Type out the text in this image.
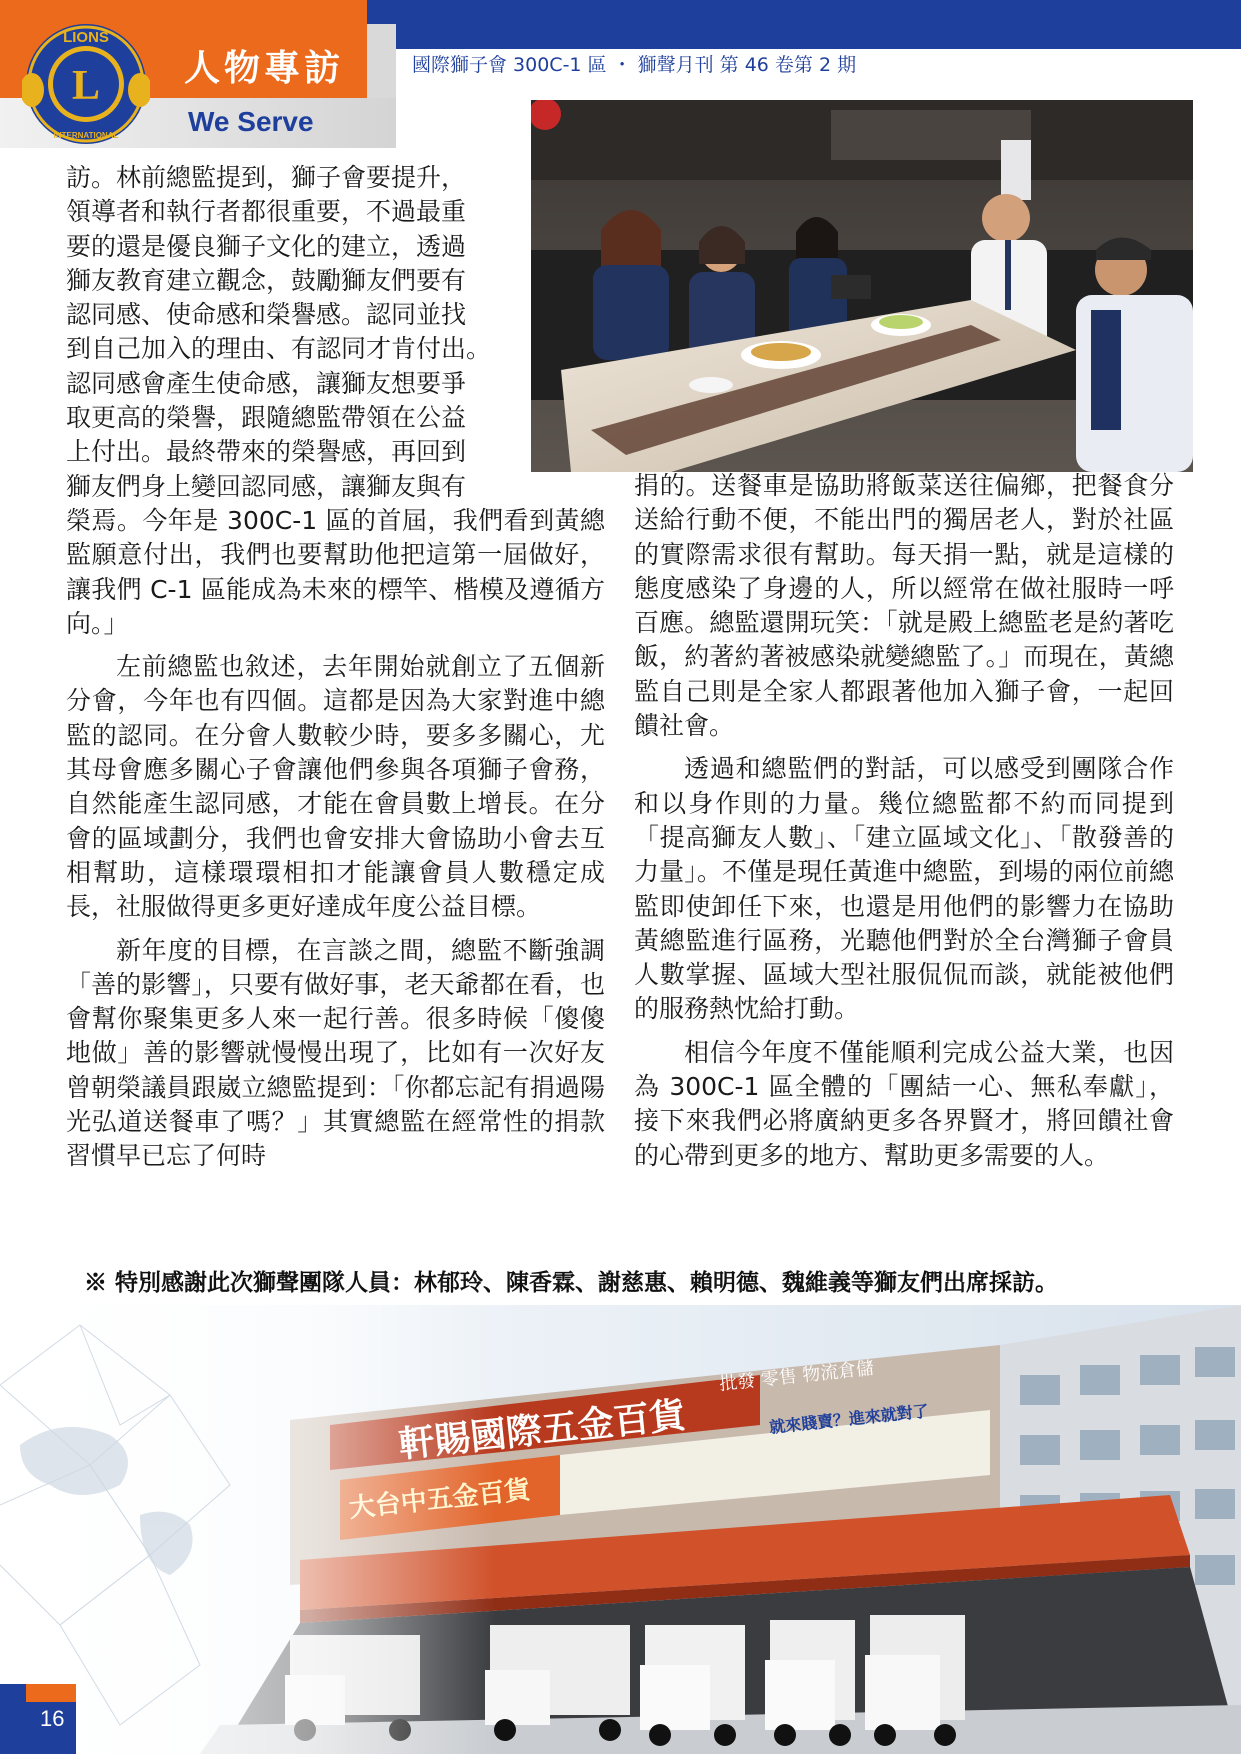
L
LIONS
INTERNATIONAL
人物專訪
We Serve
國際獅子會 300C-1 區 ・ 獅聲月刊 第 46 卷第 2 期
訪。林前總監提到，獅子會要提升，
領導者和執行者都很重要，不過最重
要的還是優良獅子文化的建立，透過
獅友教育建立觀念，鼓勵獅友們要有
認同感、使命感和榮譽感。認同並找
到自己加入的理由、有認同才肯付出。
認同感會產生使命感，讓獅友想要爭
取更高的榮譽，跟隨總監帶領在公益
上付出。最終帶來的榮譽感，再回到
獅友們身上變回認同感，讓獅友與有

榮焉。今年是 300C-1 區的首屆，我們看到黃總監願意付出，我們也要幫助他把這第一屆做好，讓我們 C-1 區能成為未來的標竿、楷模及遵循方向。」

左前總監也敘述，去年開始就創立了五個新分會，今年也有四個。這都是因為大家對進中總監的認同。在分會人數較少時，要多多關心，尤其母會應多關心子會讓他們參與各項獅子會務，自然能產生認同感，才能在會員數上增長。在分會的區域劃分，我們也會安排大會協助小會去互相幫助，這樣環環相扣才能讓會員人數穩定成長，社服做得更多更好達成年度公益目標。

新年度的目標，在言談之間，總監不斷強調「善的影響」，只要有做好事，老天爺都在看，也會幫你聚集更多人來一起行善。很多時候「傻傻地做」善的影響就慢慢出現了，比如有一次好友曾朝榮議員跟崴立總監提到：「你都忘記有捐過陽光弘道送餐車了嗎？」其實總監在經常性的捐款習慣早已忘了何時

捐的。送餐車是協助將飯菜送往偏鄉，把餐食分送給行動不便，不能出門的獨居老人，對於社區的實際需求很有幫助。每天捐一點，就是這樣的態度感染了身邊的人，所以經常在做社服時一呼百應。總監還開玩笑：「就是殿上總監老是約著吃飯，約著約著被感染就變總監了。」而現在，黃總監自己則是全家人都跟著他加入獅子會，一起回饋社會。

透過和總監們的對話，可以感受到團隊合作和以身作則的力量。幾位總監都不約而同提到「提高獅友人數」、「建立區域文化」、「散發善的力量」。不僅是現任黃進中總監，到場的兩位前總監即使卸任下來，也還是用他們的影響力在協助黃總監進行區務，光聽他們對於全台灣獅子會員人數掌握、區域大型社服侃侃而談，就能被他們的服務熱忱給打動。

相信今年度不僅能順利完成公益大業，也因為 300C-1 區全體的「團結一心、無私奉獻」，接下來我們必將廣納更多各界賢才，將回饋社會的心帶到更多的地方、幫助更多需要的人。

※ 特別感謝此次獅聲團隊人員：林郁玲、陳香霖、謝慈惠、賴明德、魏維義等獅友們出席採訪。
16
